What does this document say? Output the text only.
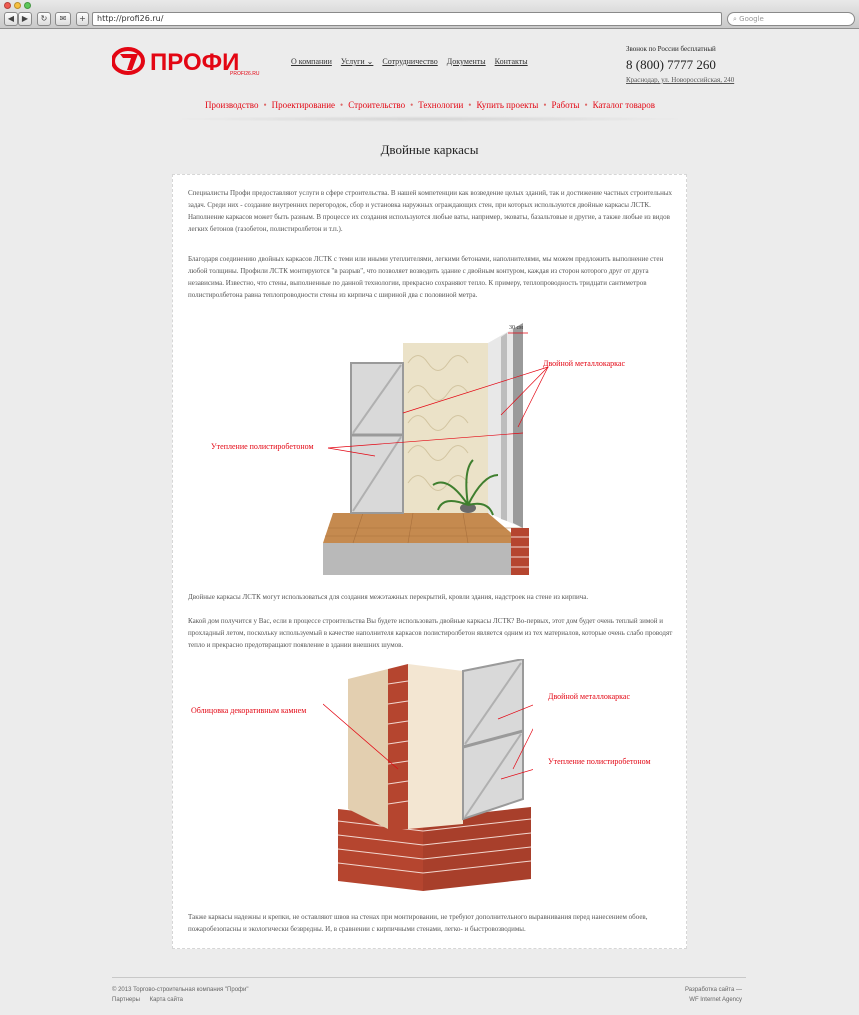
◀ ▶	↻	✉	+	http://profi26.ru/	⌕ Google
ПРОФИ
PROFI26.RU
О компании Услуги ⌄ Сотрудничество Документы Контакты
Звонок по России бесплатный
8 (800) 7777 260
Краснодар, ул. Новороссийская, 240
Производство • Проектирование • Строительство • Технологии • Купить проекты • Работы • Каталог товаров
Двойные каркасы
Специалисты Профи предоставляют услуги в сфере строительства. В нашей компетенции как возведение целых зданий, так и достижение частных строительных задач. Среди них - создание внутренних перегородок, сбор и установка наружных ограждающих стен, при которых используются двойные каркасы ЛСТК. Наполнение каркасов может быть разным. В процессе их создания используются любые ваты, например, эковаты, базальтовые и другие, а также любые из видов легких бетонов (газобетон, полистиролбетон и т.п.).
Благодаря соединению двойных каркасов ЛСТК с теми или иными утеплителями, легкими бетонами, наполнителями, мы можем предложить выполнение стен любой толщины. Профили ЛСТК монтируются "в разрыв", что позволяет возводить здание с двойным контуром, каждая из сторон которого друг от друга независима. Известно, что стены, выполненные по данной технологии, прекрасно сохраняют тепло. К примеру, теплопроводность тридцати сантиметров полистиролбетона равна теплопроводности стены из кирпича с шириной два с половиной метра.
30 см
Двойной металлокаркас
Утепление полистиробетоном
Двойные каркасы ЛСТК могут использоваться для создания межэтажных перекрытий, кровли здания, надстроек на стене из кирпича.
Какой дом получится у Вас, если в процессе строительства Вы будете использовать двойные каркасы ЛСТК? Во-первых, этот дом будет очень теплый зимой и прохладный летом, поскольку используемый в качестве наполнителя каркасов полистиролбетон является одним из тех материалов, которые очень слабо проводят тепло и прекрасно предотвращают появление в здании внешних шумов.
Облицовка декоративным камнем
Двойной металлокаркас
Утепление полистиробетоном
Также каркасы надежны и крепки, не оставляют швов на стенах при монтировании, не требуют дополнительного выравнивания перед нанесением обоев, пожаробезопасны и экологически безвредны. И, в сравнении с кирпичными стенами, легко- и быстровозводимы.
© 2013 Торгово-строительная компания "Профи"
Партнеры Карта сайта
Разработка сайта —
WF Internet Agency
